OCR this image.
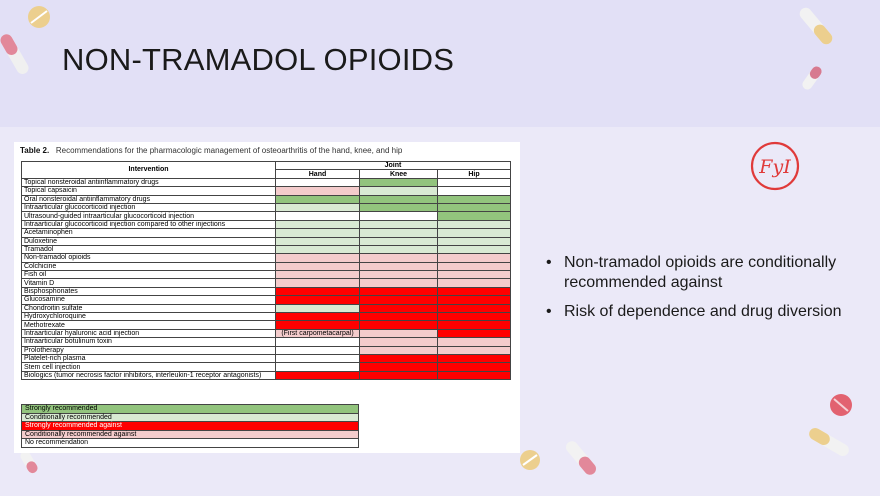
NON-TRAMADOL OPIOIDS
FyI
Table 2. Recommendations for the pharmacologic management of osteoarthritis of the hand, knee, and hip
Intervention	Joint		
	Hand	Knee	Hip
Topical nonsteroidal antiinflammatory drugs			
Topical capsaicin			
Oral nonsteroidal antiinflammatory drugs			
Intraarticular glucocorticoid injection			
Ultrasound-guided intraarticular glucocorticoid injection			
Intraarticular glucocorticoid injection compared to other injections			
Acetaminophen			
Duloxetine			
Tramadol			
Non-tramadol opioids			
Colchicine			
Fish oil			
Vitamin D			
Bisphosphonates			
Glucosamine			
Chondroitin sulfate			
Hydroxychloroquine			
Methotrexate			
Intraarticular hyaluronic acid injection	(First carpometacarpal)		
Intraarticular botulinum toxin			
Prolotherapy			
Platelet-rich plasma			
Stem cell injection			
Biologics (tumor necrosis factor inhibitors, interleukin-1 receptor antagonists)			
Strongly recommended
Conditionally recommended
Strongly recommended against
Conditionally recommended against
No recommendation
• Non-tramadol opioids are conditionally recommended against
• Risk of dependence and drug diversion
